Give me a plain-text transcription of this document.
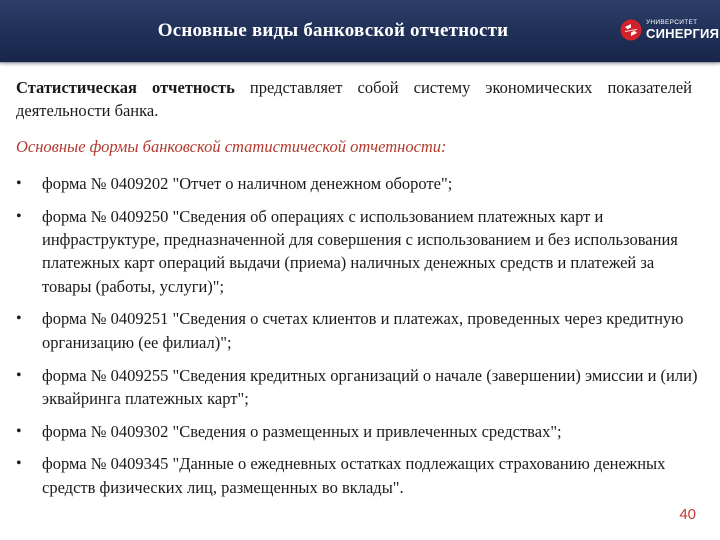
Основные виды банковской отчетности	УНИВЕРСИТЕТ
СИНЕРГИЯ

Статистическая отчетность представляет собой систему экономических показателей деятельности банка.

Основные формы банковской статистической отчетности:
• форма № 0409202 "Отчет о наличном денежном обороте";
• форма № 0409250 "Сведения об операциях с использованием платежных карт и инфраструктуре, предназначенной для совершения с использованием и без использования платежных карт операций выдачи (приема) наличных денежных средств и платежей за товары (работы, услуги)";
• форма № 0409251 "Сведения о счетах клиентов и платежах, проведенных через кредитную организацию (ее филиал)";
• форма № 0409255 "Сведения кредитных организаций о начале (завершении) эмиссии и (или) эквайринга платежных карт";
• форма № 0409302 "Сведения о размещенных и привлеченных средствах";
• форма № 0409345 "Данные о ежедневных остатках подлежащих страхованию денежных средств физических лиц, размещенных во вклады".
40
